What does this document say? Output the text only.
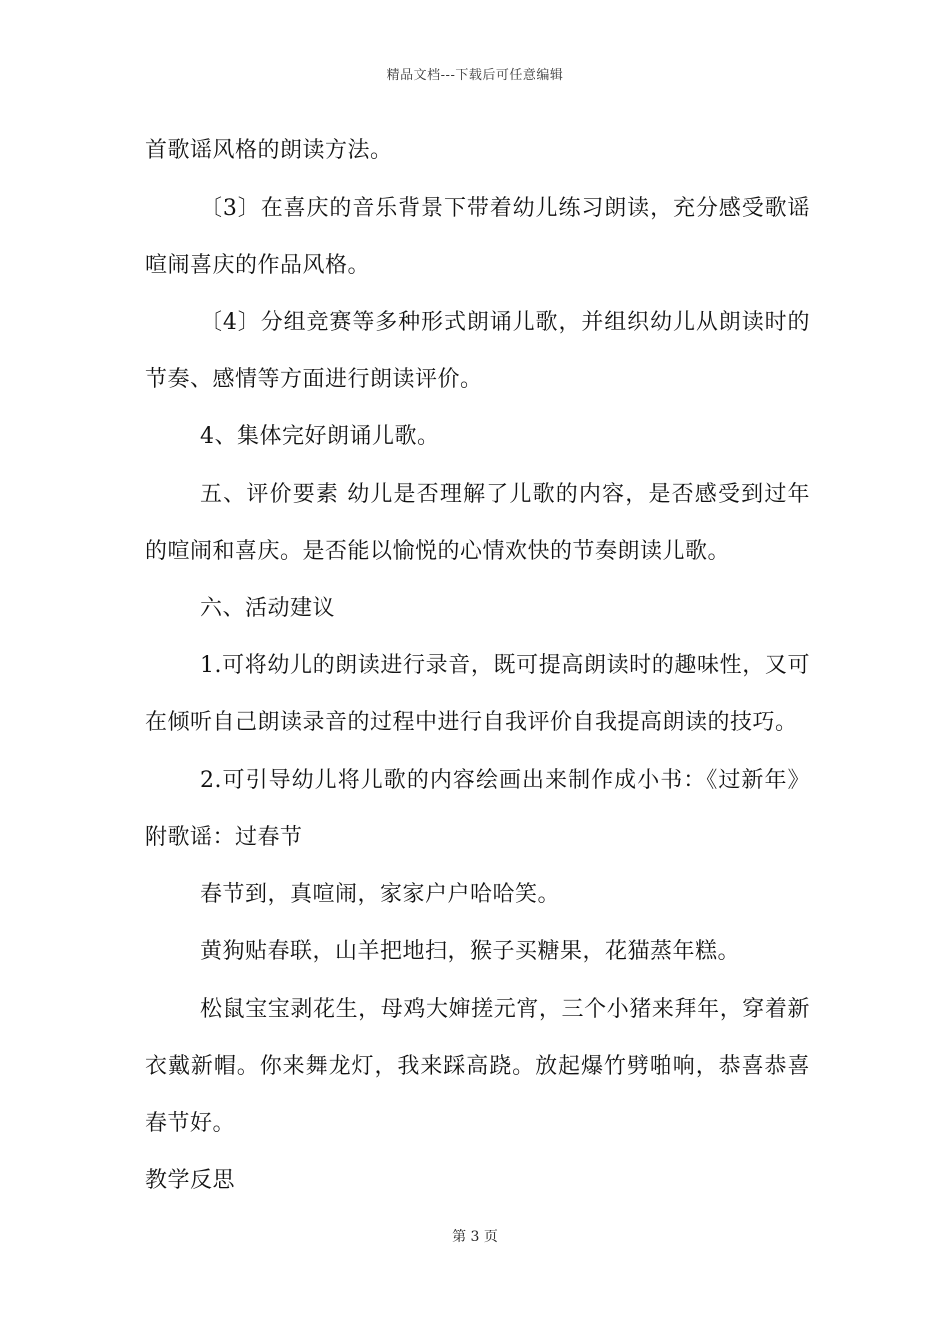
精品文档---下载后可任意编辑
首歌谣风格的朗读方法。
〔3〕在喜庆的音乐背景下带着幼儿练习朗读，充分感受歌谣
喧闹喜庆的作品风格。
〔4〕分组竞赛等多种形式朗诵儿歌，并组织幼儿从朗读时的
节奏、感情等方面进行朗读评价。
4、集体完好朗诵儿歌。
五、评价要素 幼儿是否理解了儿歌的内容，是否感受到过年
的喧闹和喜庆。是否能以愉悦的心情欢快的节奏朗读儿歌。
六、活动建议
1.可将幼儿的朗读进行录音，既可提高朗读时的趣味性，又可
在倾听自己朗读录音的过程中进行自我评价自我提高朗读的技巧。
2.可引导幼儿将儿歌的内容绘画出来制作成小书：《过新年》
附歌谣：过春节
春节到，真喧闹，家家户户哈哈笑。
黄狗贴春联，山羊把地扫，猴子买糖果，花猫蒸年糕。
松鼠宝宝剥花生，母鸡大婶搓元宵，三个小猪来拜年，穿着新
衣戴新帽。你来舞龙灯，我来踩高跷。放起爆竹劈啪响，恭喜恭喜
春节好。
教学反思
第 3 页
